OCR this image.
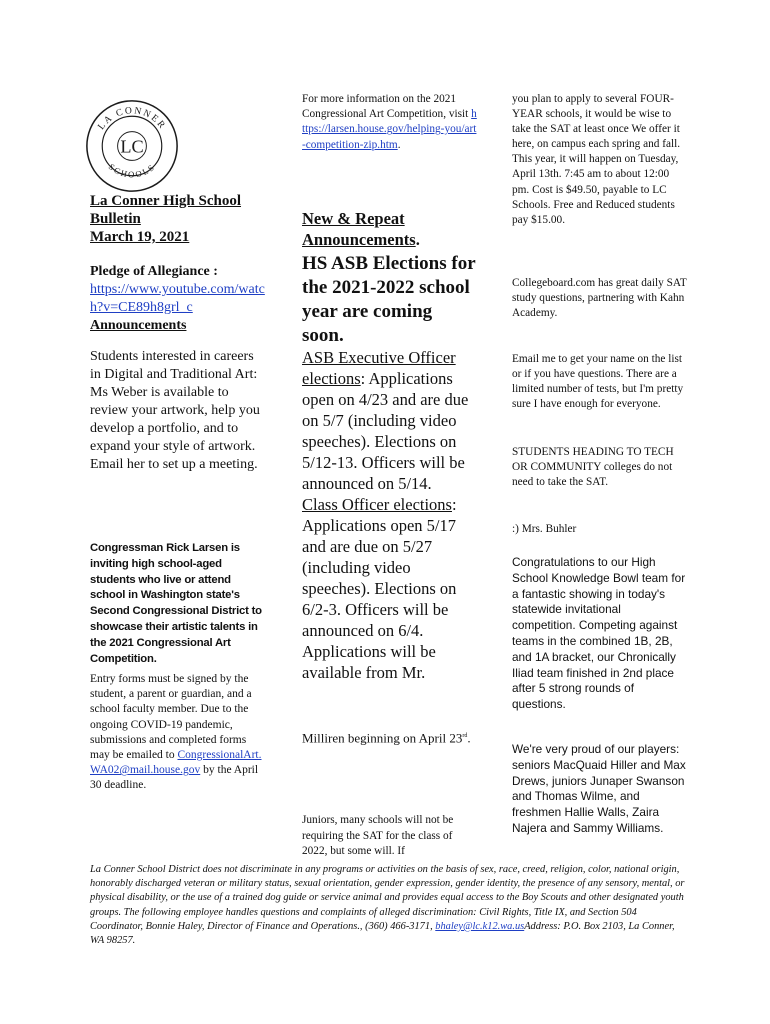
LA CONNER
SCHOOLS
LC
La Conner High School
Bulletin
March 19, 2021
Pledge of Allegiance :
https://www.youtube.com/watch?v=CE89h8grl_c
Announcements
Students interested in careers in Digital and Traditional Art: Ms Weber is available to review your artwork, help you develop a portfolio, and to expand your style of artwork. Email her to set up a meeting.
Congressman Rick Larsen is inviting high school-aged students who live or attend school in Washington state's Second Congressional District to showcase their artistic talents in the 2021 Congressional Art Competition.
Entry forms must be signed by the student, a parent or guardian, and a school faculty member. Due to the ongoing COVID-19 pandemic, submissions and completed forms may be emailed to CongressionalArt.WA02@mail.house.gov by the April 30 deadline.
For more information on the 2021 Congressional Art Competition, visit https://larsen.house.gov/helping-you/art-competition-zip.htm.
New & Repeat Announcements.
HS ASB Elections for the 2021-2022 school year are coming soon.
ASB Executive Officer elections: Applications open on 4/23 and are due on 5/7 (including video speeches). Elections on 5/12-13. Officers will be announced on 5/14.
Class Officer elections: Applications open 5/17 and are due on 5/27 (including video speeches). Elections on 6/2-3. Officers will be announced on 6/4. Applications will be available from Mr.
Milliren beginning on April 23rd.
Juniors, many schools will not be requiring the SAT for the class of 2022, but some will. If
you plan to apply to several FOUR-YEAR schools, it would be wise to take the SAT at least once We offer it here, on campus each spring and fall. This year, it will happen on Tuesday, April 13th. 7:45 am to about 12:00 pm. Cost is $49.50, payable to LC Schools. Free and Reduced students pay $15.00.
Collegeboard.com has great daily SAT study questions, partnering with Kahn Academy.
Email me to get your name on the list or if you have questions. There are a limited number of tests, but I'm pretty sure I have enough for everyone.
STUDENTS HEADING TO TECH OR COMMUNITY colleges do not need to take the SAT.
:) Mrs. Buhler
Congratulations to our High School Knowledge Bowl team for a fantastic showing in today's statewide invitational competition. Competing against teams in the combined 1B, 2B, and 1A bracket, our Chronically Iliad team finished in 2nd place after 5 strong rounds of questions.
We're very proud of our players: seniors MacQuaid Hiller and Max Drews, juniors Junaper Swanson and Thomas Wilme, and freshmen Hallie Walls, Zaira Najera and Sammy Williams.
La Conner School District does not discriminate in any programs or activities on the basis of sex, race, creed, religion, color, national origin, honorably discharged veteran or military status, sexual orientation, gender expression, gender identity, the presence of any sensory, mental, or physical disability, or the use of a trained dog guide or service animal and provides equal access to the Boy Scouts and other designated youth groups. The following employee handles questions and complaints of alleged discrimination: Civil Rights, Title IX, and Section 504 Coordinator, Bonnie Haley, Director of Finance and Operations., (360) 466-3171, bhaley@lc.k12.wa.usAddress: P.O. Box 2103, La Conner, WA 98257.
